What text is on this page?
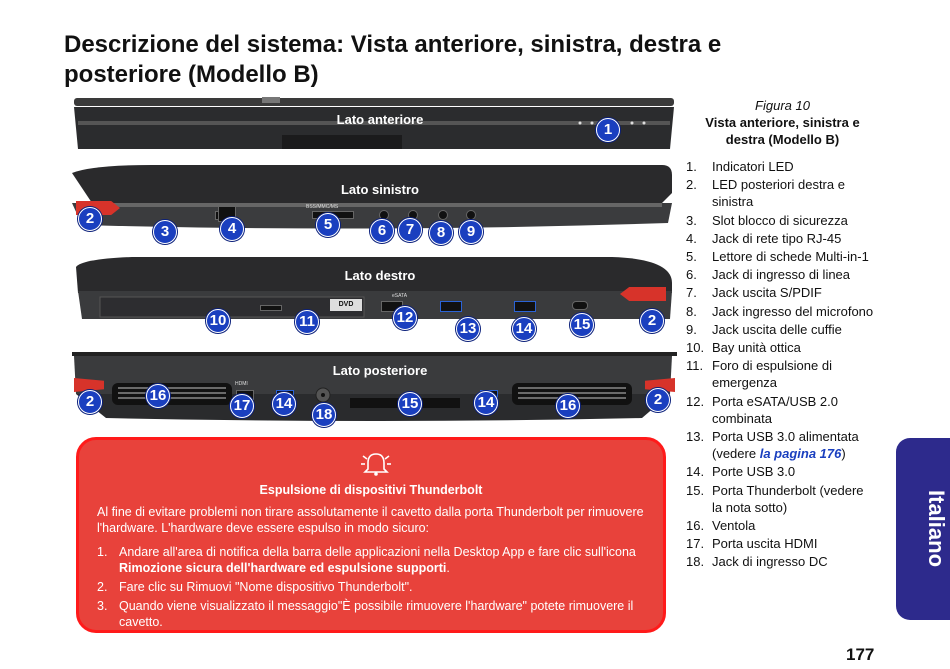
Descrizione del sistema: Vista anteriore, sinistra, destra e posteriore (Modello B)
Lato anteriore
1
BSS/MMC/MS
Lato sinistro
2
3	4	5	6	7	8	9
DVD
eSATA
Lato destro
10	11	2
12
13	14	15
HDMI
Lato posteriore
2	2
16
17 14
18
15	14	16
Figura 10
Vista anteriore, sinistra e destra (Modello B)
1. Indicatori LED
2. LED posteriori destra e sinistra
3. Slot blocco di sicurezza
4. Jack di rete tipo RJ-45
5. Lettore di schede Multi-in-1
6. Jack di ingresso di linea
7. Jack uscita S/PDIF
8. Jack ingresso del microfono
9. Jack uscita delle cuffie
10. Bay unità ottica
11. Foro di espulsione di emergenza
12. Porta eSATA/USB 2.0 combinata
13. Porta USB 3.0 alimentata (vedere la pagina 176)
14. Porte USB 3.0
15. Porta Thunderbolt (vedere la nota sotto)
16. Ventola
17. Porta uscita HDMI
18. Jack di ingresso DC
Espulsione di dispositivi Thunderbolt
Al fine di evitare problemi non tirare assolutamente il cavetto dalla porta Thunderbolt per rimuovere l'hardware. L'hardware deve essere espulso in modo sicuro:
1. Andare all'area di notifica della barra delle applicazioni nella Desktop App e fare clic sull'icona Rimozione sicura dell'hardware ed espulsione supporti.
2. Fare clic su Rimuovi "Nome dispositivo Thunderbolt".
3. Quando viene visualizzato il messaggio"È possibile rimuovere l'hardware" potete rimuovere il cavetto.
Italiano
177
